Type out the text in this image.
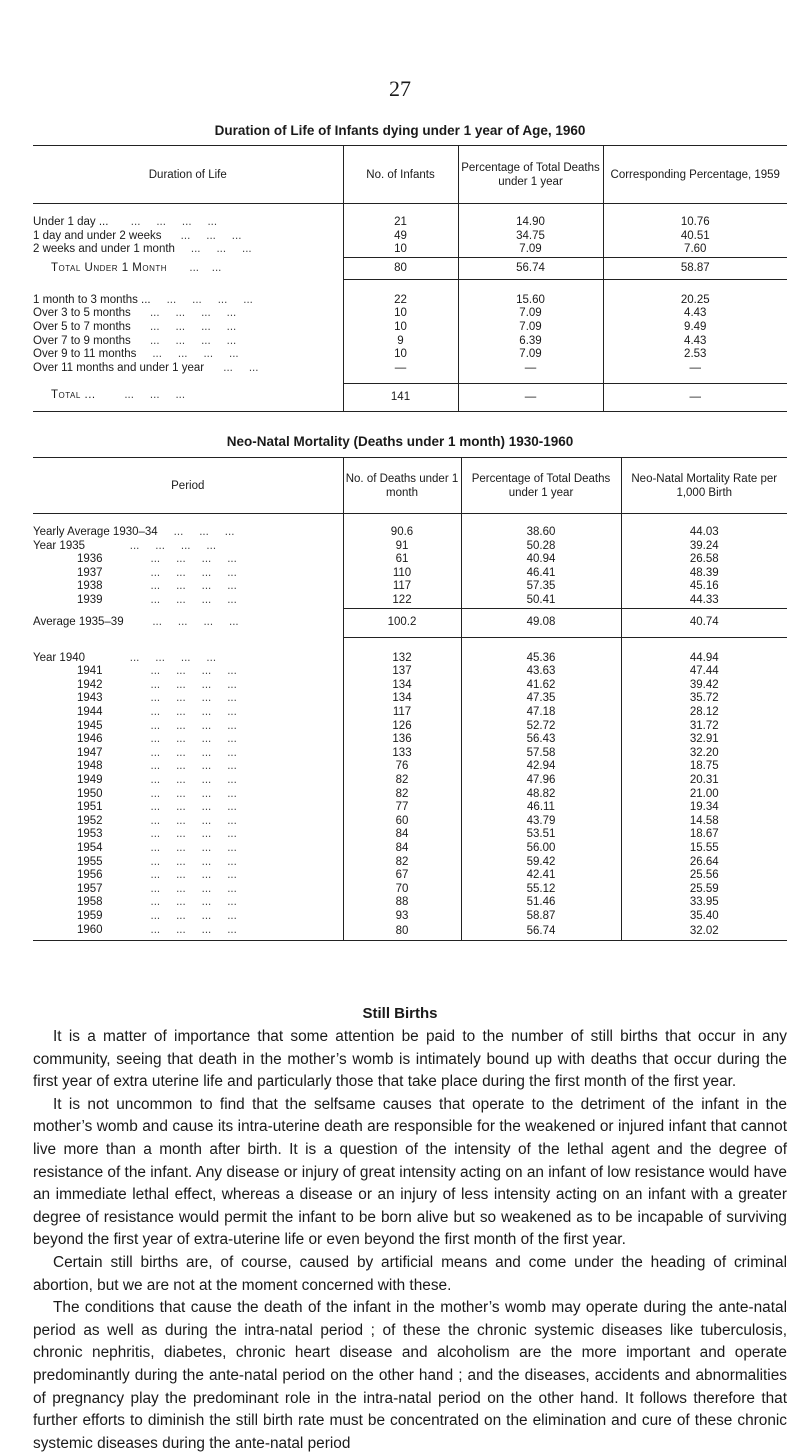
27
Duration of Life of Infants dying under 1 year of Age, 1960
Duration of Life	No. of Infants	Percentage of Total Deaths under 1 year	Corresponding Percentage, 1959

Under 1 day ...       ...     ...     ...     ...	21	14.90	10.76
1 day and under 2 weeks      ...     ...     ...	49	34.75	40.51
2 weeks and under 1 month     ...     ...     ...	10	7.09	7.60
Total Under 1 Month       ...    ...	80	56.74	58.87

1 month to 3 months ...     ...     ...     ...     ...	22	15.60	20.25
Over 3 to 5 months      ...     ...     ...     ...	10	7.09	4.43
Over 5 to 7 months      ...     ...     ...     ...	10	7.09	9.49
Over 7 to 9 months      ...     ...     ...     ...	9	6.39	4.43
Over 9 to 11 months     ...     ...     ...     ...	10	7.09	2.53
Over 11 months and under 1 year      ...     ...	—	—	—

Total ...         ...     ...     ...	141	—	—
Neo-Natal Mortality (Deaths under 1 month) 1930-1960
Period	No. of Deaths under 1 month	Percentage of Total Deaths under 1 year	Neo-Natal Mortality Rate per 1,000 Birth

Yearly Average 1930–34     ...     ...     ...	90.6	38.60	44.03
Year 1935              ...     ...     ...     ...	91	50.28	39.24
1936               ...     ...     ...     ...	61	40.94	26.58
1937               ...     ...     ...     ...	110	46.41	48.39
1938               ...     ...     ...     ...	117	57.35	45.16
1939               ...     ...     ...     ...	122	50.41	44.33
Average 1935–39         ...     ...     ...     ...	100.2	49.08	40.74

Year 1940              ...     ...     ...     ...	132	45.36	44.94
1941               ...     ...     ...     ...	137	43.63	47.44
1942               ...     ...     ...     ...	134	41.62	39.42
1943               ...     ...     ...     ...	134	47.35	35.72
1944               ...     ...     ...     ...	117	47.18	28.12
1945               ...     ...     ...     ...	126	52.72	31.72
1946               ...     ...     ...     ...	136	56.43	32.91
1947               ...     ...     ...     ...	133	57.58	32.20
1948               ...     ...     ...     ...	76	42.94	18.75
1949               ...     ...     ...     ...	82	47.96	20.31
1950               ...     ...     ...     ...	82	48.82	21.00
1951               ...     ...     ...     ...	77	46.11	19.34
1952               ...     ...     ...     ...	60	43.79	14.58
1953               ...     ...     ...     ...	84	53.51	18.67
1954               ...     ...     ...     ...	84	56.00	15.55
1955               ...     ...     ...     ...	82	59.42	26.64
1956               ...     ...     ...     ...	67	42.41	25.56
1957               ...     ...     ...     ...	70	55.12	25.59
1958               ...     ...     ...     ...	88	51.46	33.95
1959               ...     ...     ...     ...	93	58.87	35.40
1960               ...     ...     ...     ...	80	56.74	32.02
Still Births

It is a matter of importance that some attention be paid to the number of still births that occur in any community, seeing that death in the mother’s womb is intimately bound up with deaths that occur during the first year of extra uterine life and particularly those that take place during the first month of the first year.

It is not uncommon to find that the selfsame causes that operate to the detriment of the infant in the mother’s womb and cause its intra-uterine death are responsible for the weakened or injured infant that cannot live more than a month after birth. It is a question of the intensity of the lethal agent and the degree of resistance of the infant. Any disease or injury of great intensity acting on an infant of low resistance would have an immediate lethal effect, whereas a disease or an injury of less intensity acting on an infant with a greater degree of resistance would permit the infant to be born alive but so weakened as to be incapable of surviving beyond the first year of extra-uterine life or even beyond the first month of the first year.

Certain still births are, of course, caused by artificial means and come under the heading of criminal abortion, but we are not at the moment concerned with these.

The conditions that cause the death of the infant in the mother’s womb may operate during the ante-natal period as well as during the intra-natal period ; of these the chronic systemic diseases like tuberculosis, chronic nephritis, diabetes, chronic heart disease and alcoholism are the more important and operate predominantly during the ante-natal period on the other hand ; and the diseases, accidents and abnormalities of pregnancy play the predominant role in the intra-natal period on the other hand. It follows therefore that further efforts to diminish the still birth rate must be concentrated on the elimination and cure of these chronic systemic diseases during the ante-natal period
